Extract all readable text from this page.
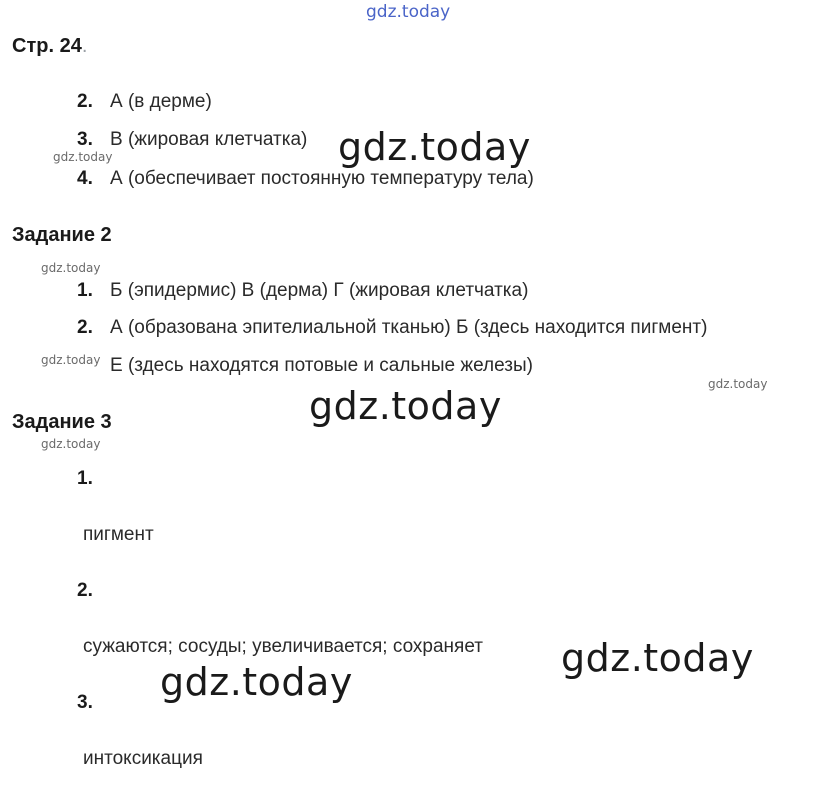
gdz.today
Стр. 24.
2. А (в дерме)
3. В (жировая клетчатка)
gdz.today	gdz.today
4. А (обеспечивает постоянную температуру тела)
Задание 2
gdz.today
1. Б (эпидермис) В (дерма) Г (жировая клетчатка)
2. А (образована эпителиальной тканью) Б (здесь находится пигмент)
gdz.today Е (здесь находятся потовые и сальные железы)
gdz.today
gdz.today
Задание 3
gdz.today
1.
пигмент
2.
сужаются; сосуды; увеличивается; сохраняет gdz.today
gdz.today
3.
интоксикация
